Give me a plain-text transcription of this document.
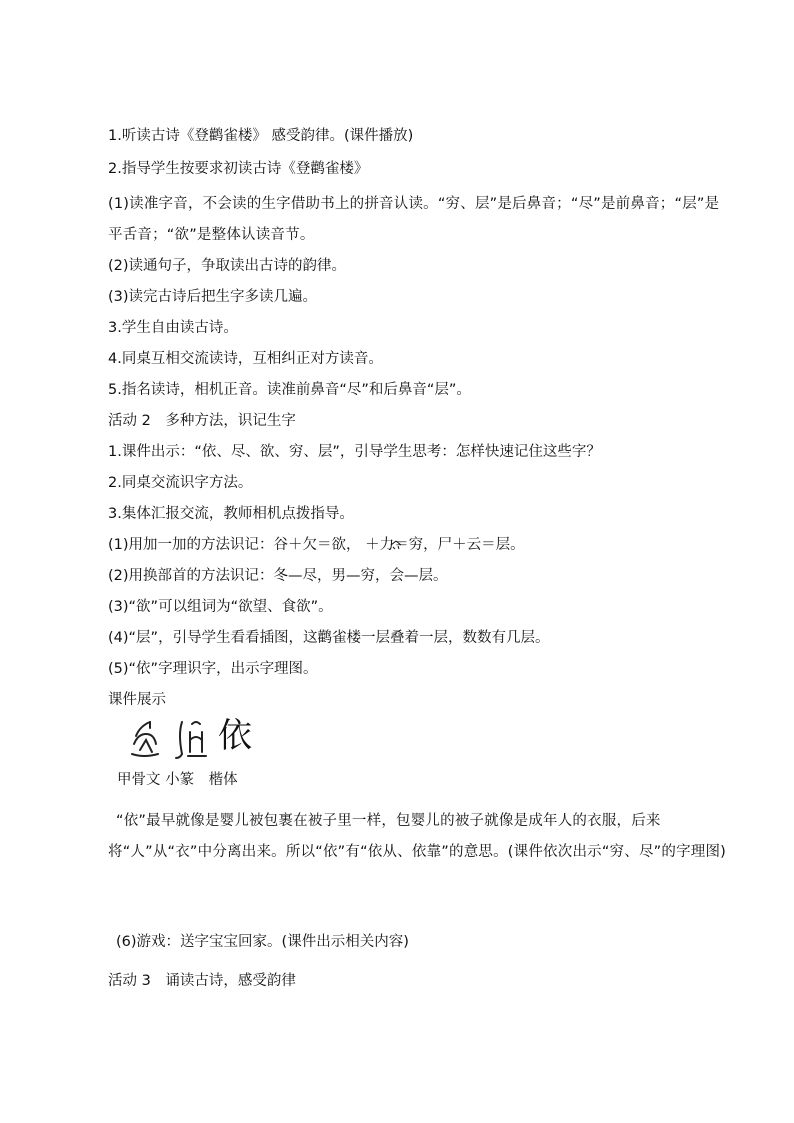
1.听读古诗《登鹳雀楼》 感受韵律。(课件播放)

2.指导学生按要求初读古诗《登鹳雀楼》

(1)读准字音，不会读的生字借助书上的拼音认读。“穷、层”是后鼻音；“尽”是前鼻音；“层”是平舌音；“欲”是整体认读音节。

(2)读通句子，争取读出古诗的韵律。

(3)读完古诗后把生字多读几遍。

3.学生自由读古诗。

4.同桌互相交流读诗，互相纠正对方读音。

5.指名读诗，相机正音。读准前鼻音“尽”和后鼻音“层”。

活动 2　多种方法，识记生字

1.课件出示：“依、尽、欲、穷、层”，引导学生思考：怎样快速记住这些字？

2.同桌交流识字方法。

3.集体汇报交流，教师相机点拨指导。

(1)用加一加的方法识记：谷＋欠＝欲， ＋力＝穷，尸＋云＝层。

(2)用换部首的方法识记：冬—尽，男—穷，会—层。

(3)“欲”可以组词为“欲望、食欲”。

(4)“层”，引导学生看看插图，这鹳雀楼一层叠着一层，数数有几层。

(5)“依”字理识字，出示字理图。

课件展示

依

甲骨文 小篆　楷体

“依”最早就像是婴儿被包裹在被子里一样，包婴儿的被子就像是成年人的衣服，后来将“人”从“衣”中分离出来。所以“依”有“依从、依靠”的意思。(课件依次出示“穷、尽”的字理图)

(6)游戏：送字宝宝回家。(课件出示相关内容)

活动 3　诵读古诗，感受韵律
